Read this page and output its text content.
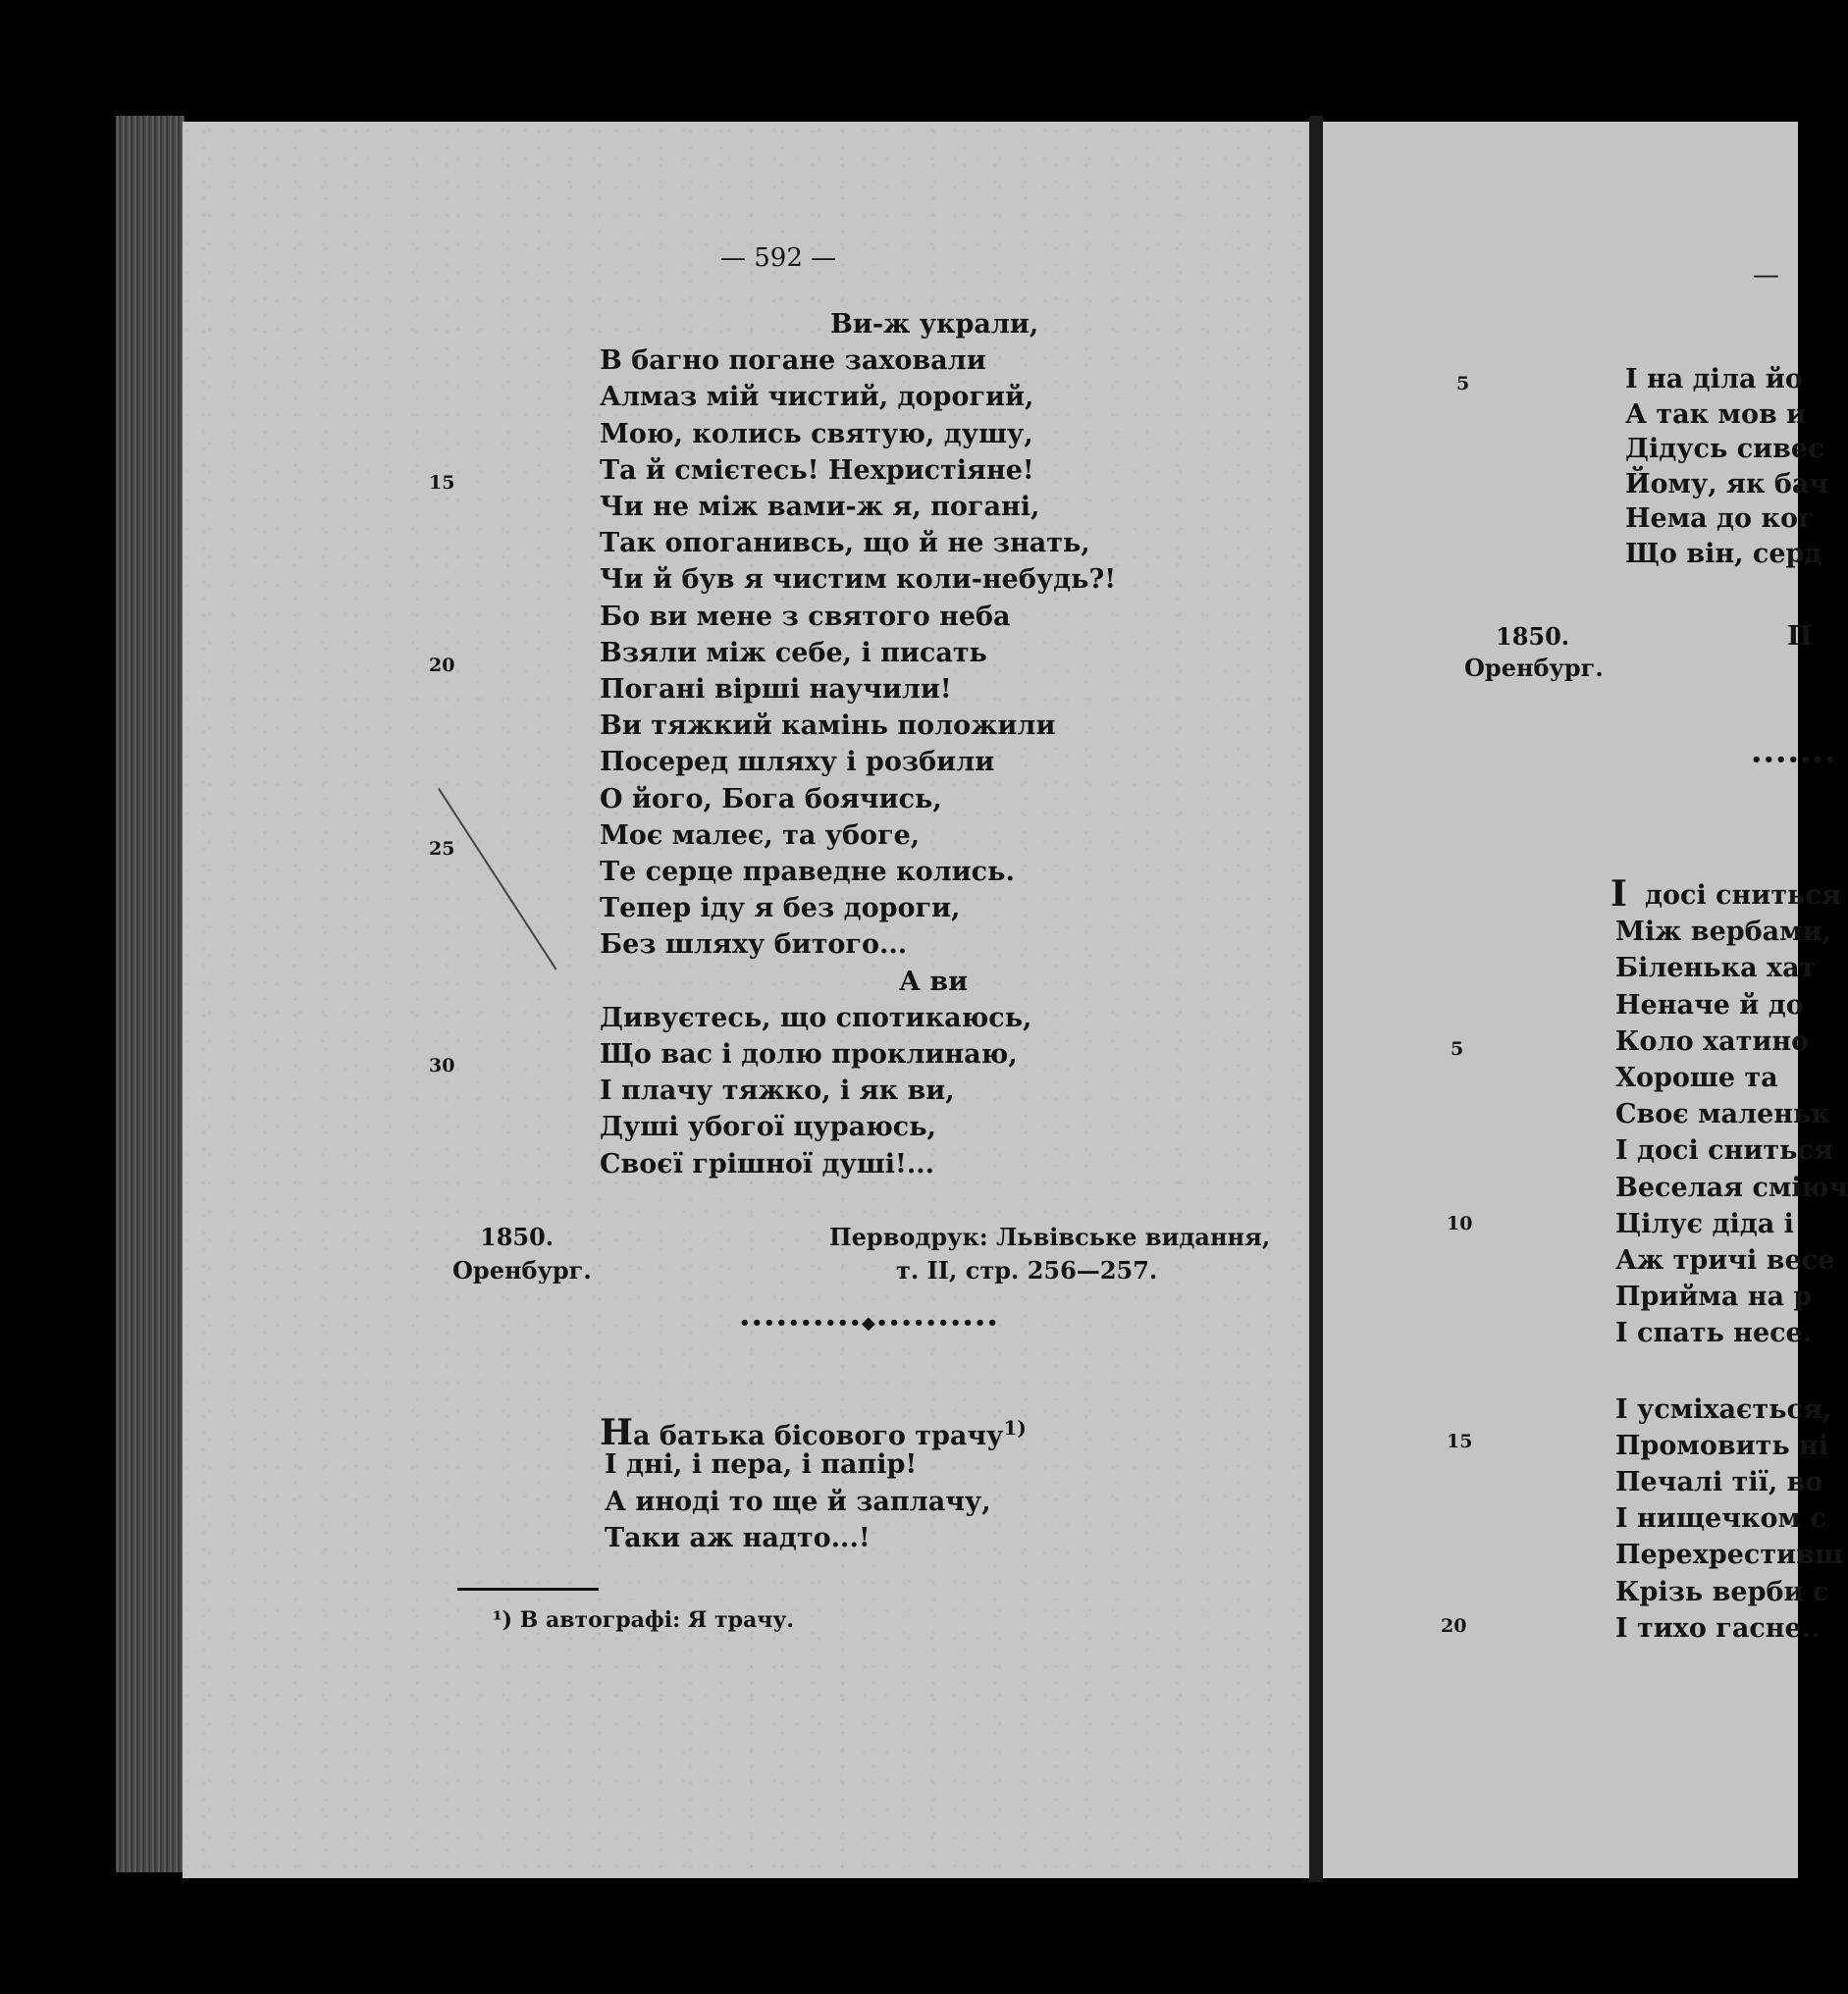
— 592 —
Ви-ж украли,
В багно погане заховали
Алмаз мій чистий, дорогий,
Мою, колись святую, душу,
Та й смієтесь! Нехристіяне!
Чи не між вами-ж я, погані,
Так опоганивсь, що й не знать,
Чи й був я чистим коли-небудь?!
Бо ви мене з святого неба
Взяли між себе, і писать
Погані вірші научили!
Ви тяжкий камінь положили
Посеред шляху і розбили
О його, Бога боячись,
Моє малеє, та убоге,
Те серце праведне колись.
Тепер іду я без дороги,
Без шляху битого...
А ви
Дивуєтесь, що спотикаюсь,
Що вас і долю проклинаю,
І плачу тяжко, і як ви,
Душі убогої цураюсь,
Своєї грішної душі!...
15
20
25
30
1850.
Оренбург.
Перводрук: Львівське видання,
т. II, стр. 256—257.
••••••••••◆••••••••••
На батька бісового трачу$^{1)}$
І дні, і пера, і папір!
А иноді то ще й заплачу,
Таки аж надто...!
¹) В автографі: Я трачу.
—
5	І на діла йо
А так мов и
Дідусь сивес
Йому, як бач
Нема до ког
Що він, серд
1850.
Оренбург.
П
•••••••
І досі сниться
Між вербами,
Біленька хат
Неначе й до
Коло хатино
Хороше та
Своє маленьк
І досі сниться
Веселая сміюч
Цілує діда і
Аж тричі весе
Прийма на р
І спать несе.
І усміхається,
Промовить ні
Печалі тії, во
І нищечком с
Перехрестивш
Крізь верби с
І тихо гасне..
5
10
15
20
